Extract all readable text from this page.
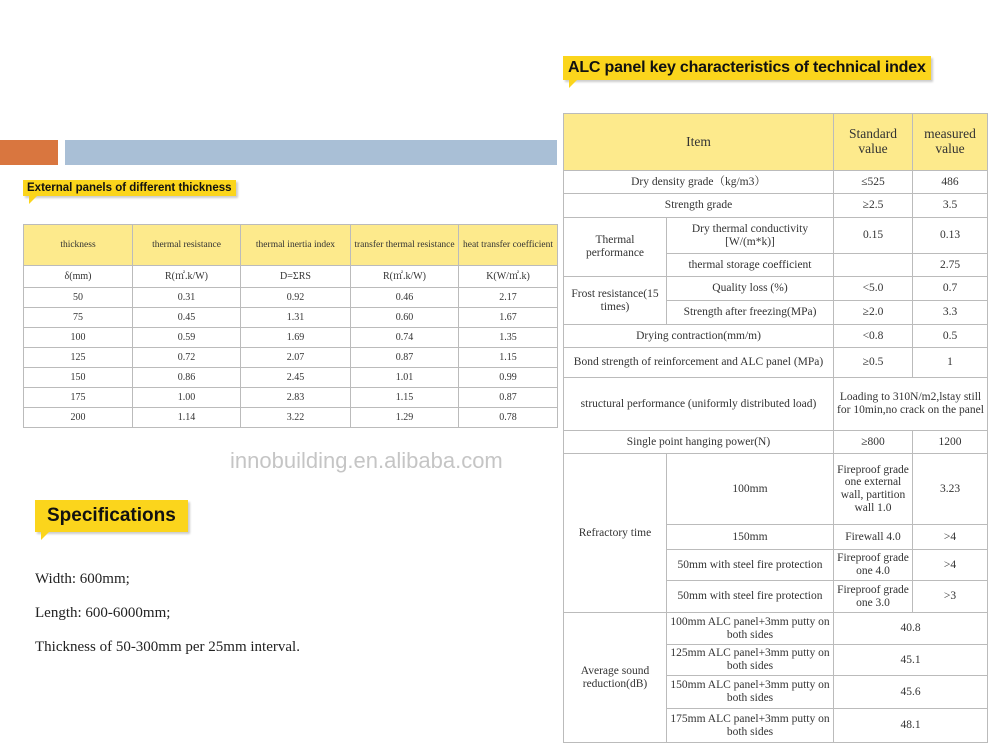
ALC panel key characteristics of technical index
External panels of different thickness
Specifications
Width: 600mm;
Length: 600-6000mm;
Thickness of 50-300mm per 25mm interval.
thickness	thermal resistance	thermal inertia index	transfer thermal resistance	heat transfer coefficient
δ(mm)	R(㎡.k/W)	D=ΣRS	R(㎡.k/W)	K(W/㎡.k)
50	0.31	0.92	0.46	2.17
75	0.45	1.31	0.60	1.67
100	0.59	1.69	0.74	1.35
125	0.72	2.07	0.87	1.15
150	0.86	2.45	1.01	0.99
175	1.00	2.83	1.15	0.87
200	1.14	3.22	1.29	0.78
Item		Standard value	measured value
Dry density grade（kg/m3）		≤525	486
Strength grade		≥2.5	3.5
Thermal performance	Dry thermal conductivity [W/(m*k)]	0.15	0.13
	thermal storage coefficient		2.75
Frost resistance(15 times)	Quality loss (%)	<5.0	0.7
	Strength after freezing(MPa)	≥2.0	3.3
Drying contraction(mm/m)		<0.8	0.5
Bond strength of reinforcement and ALC panel (MPa)		≥0.5	1
structural performance (uniformly distributed load)		Loading to 310N/m2,lstay still for 10min,no crack on the panel	
Single point hanging power(N)		≥800	1200
Refractory time	100mm	Fireproof grade one external wall, partition wall 1.0	3.23
	150mm	Firewall 4.0	>4
	50mm with steel fire protection	Fireproof grade one 4.0	>4
	50mm with steel fire protection	Fireproof grade one 3.0	>3
Average sound reduction(dB)	100mm ALC panel+3mm putty on both sides	40.8	
	125mm ALC panel+3mm putty on both sides	45.1	
	150mm ALC panel+3mm putty on both sides	45.6	
	175mm ALC panel+3mm putty on both sides	48.1	
innobuilding.en.alibaba.com
